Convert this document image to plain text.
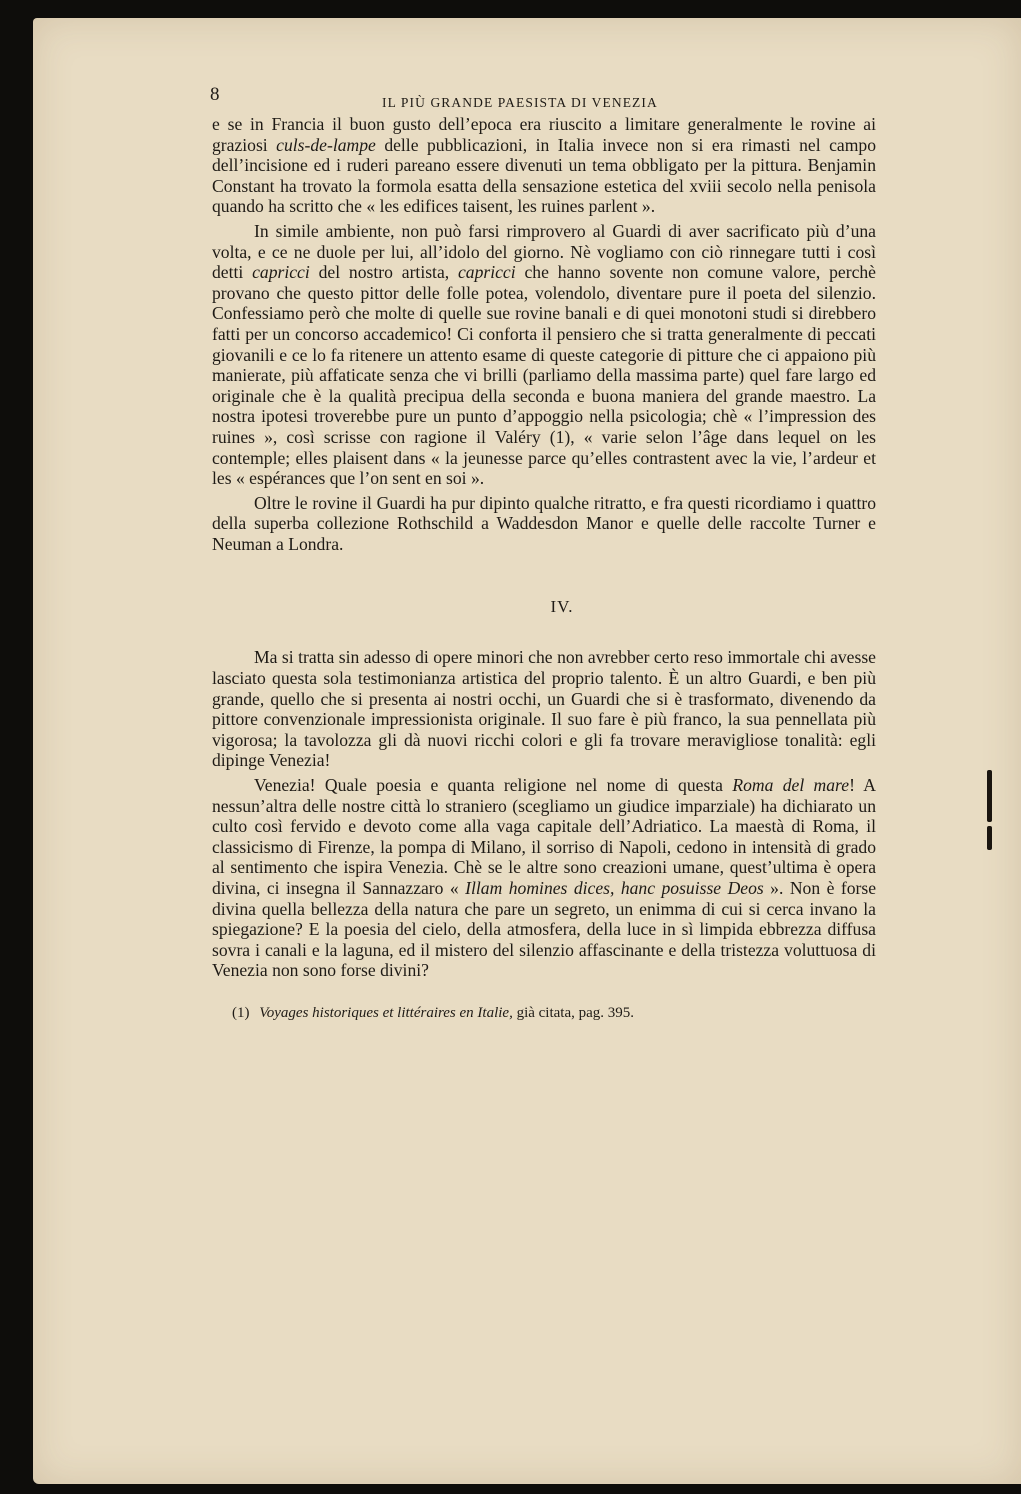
8	IL PIÙ GRANDE PAESISTA DI VENEZIA

e se in Francia il buon gusto dell’epoca era riuscito a limitare generalmente le rovine ai graziosi culs-de-lampe delle pubblicazioni, in Italia invece non si era rimasti nel campo dell’incisione ed i ruderi pareano essere divenuti un tema obbligato per la pittura. Benjamin Constant ha trovato la formola esatta della sensazione estetica del xviii secolo nella penisola quando ha scritto che « les edifices taisent, les ruines parlent ».

In simile ambiente, non può farsi rimprovero al Guardi di aver sacrificato più d’una volta, e ce ne duole per lui, all’idolo del giorno. Nè vogliamo con ciò rinnegare tutti i così detti capricci del nostro artista, capricci che hanno sovente non comune valore, perchè provano che questo pittor delle folle potea, volendolo, diventare pure il poeta del silenzio. Confessiamo però che molte di quelle sue rovine banali e di quei monotoni studi si direbbero fatti per un concorso accademico! Ci conforta il pensiero che si tratta generalmente di peccati giovanili e ce lo fa ritenere un attento esame di queste categorie di pitture che ci appaiono più manierate, più affaticate senza che vi brilli (parliamo della massima parte) quel fare largo ed originale che è la qualità precipua della seconda e buona maniera del grande maestro. La nostra ipotesi troverebbe pure un punto d’appoggio nella psicologia; chè « l’impression des ruines », così scrisse con ragione il Valéry (1), « varie selon l’âge dans lequel on les contemple; elles plaisent dans « la jeunesse parce qu’elles contrastent avec la vie, l’ardeur et les « espérances que l’on sent en soi ».

Oltre le rovine il Guardi ha pur dipinto qualche ritratto, e fra questi ricordiamo i quattro della superba collezione Rothschild a Waddesdon Manor e quelle delle raccolte Turner e Neuman a Londra.

IV.

Ma si tratta sin adesso di opere minori che non avrebber certo reso immortale chi avesse lasciato questa sola testimonianza artistica del proprio talento. È un altro Guardi, e ben più grande, quello che si presenta ai nostri occhi, un Guardi che si è trasformato, divenendo da pittore convenzionale impressionista originale. Il suo fare è più franco, la sua pennellata più vigorosa; la tavolozza gli dà nuovi ricchi colori e gli fa trovare meravigliose tonalità: egli dipinge Venezia!

Venezia! Quale poesia e quanta religione nel nome di questa Roma del mare! A nessun’altra delle nostre città lo straniero (scegliamo un giudice imparziale) ha dichiarato un culto così fervido e devoto come alla vaga capitale dell’Adriatico. La maestà di Roma, il classicismo di Firenze, la pompa di Milano, il sorriso di Napoli, cedono in intensità di grado al sentimento che ispira Venezia. Chè se le altre sono creazioni umane, quest’ultima è opera divina, ci insegna il Sannazzaro « Illam homines dices, hanc posuisse Deos ». Non è forse divina quella bellezza della natura che pare un segreto, un enimma di cui si cerca invano la spiegazione? E la poesia del cielo, della atmosfera, della luce in sì limpida ebbrezza diffusa sovra i canali e la laguna, ed il mistero del silenzio affascinante e della tristezza voluttuosa di Venezia non sono forse divini?

(1) Voyages historiques et littéraires en Italie, già citata, pag. 395.
